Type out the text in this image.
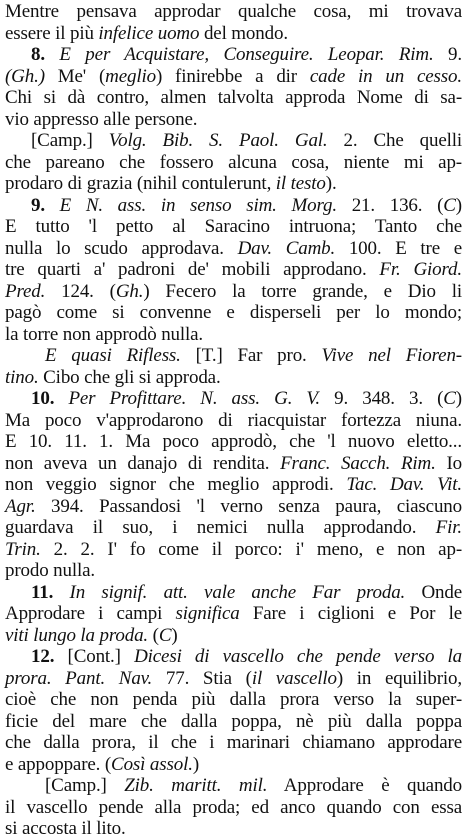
Mentre pensava approdar qualche cosa, mi trovava
essere il più infelice uomo del mondo.
8. E per Acquistare, Conseguire. Leopar. Rim. 9.
(Gh.) Me' (meglio) finirebbe a dir cade in un cesso.
Chi si dà contro, almen talvolta approda Nome di sa-
vio appresso alle persone.
[Camp.] Volg. Bib. S. Paol. Gal. 2. Che quelli
che pareano che fossero alcuna cosa, niente mi ap-
prodaro di grazia (nihil contulerunt, il testo).
9. E N. ass. in senso sim. Morg. 21. 136. (C)
E tutto 'l petto al Saracino intruona; Tanto che
nulla lo scudo approdava. Dav. Camb. 100. E tre e
tre quarti a' padroni de' mobili approdano. Fr. Giord.
Pred. 124. (Gh.) Fecero la torre grande, e Dio li
pagò come si convenne e disperseli per lo mondo;
la torre non approdò nulla.
E quasi Rifless. [T.] Far pro. Vive nel Fioren-
tino. Cibo che gli si approda.
10. Per Profittare. N. ass. G. V. 9. 348. 3. (C)
Ma poco v'approdarono di riacquistar fortezza niuna.
E 10. 11. 1. Ma poco approdò, che 'l nuovo eletto...
non aveva un danajo di rendita. Franc. Sacch. Rim. Io
non veggio signor che meglio approdi. Tac. Dav. Vit.
Agr. 394. Passandosi 'l verno senza paura, ciascuno
guardava il suo, i nemici nulla approdando. Fir.
Trin. 2. 2. I' fo come il porco: i' meno, e non ap-
prodo nulla.
11. In signif. att. vale anche Far proda. Onde
Approdare i campi significa Fare i ciglioni e Por le
viti lungo la proda. (C)
12. [Cont.] Dicesi di vascello che pende verso la
prora. Pant. Nav. 77. Stia (il vascello) in equilibrio,
cioè che non penda più dalla prora verso la super-
ficie del mare che dalla poppa, nè più dalla poppa
che dalla prora, il che i marinari chiamano approdare
e appoppare. (Così assol.)
[Camp.] Zib. maritt. mil. Approdare è quando
il vascello pende alla proda; ed anco quando con essa
si accosta il lito.
